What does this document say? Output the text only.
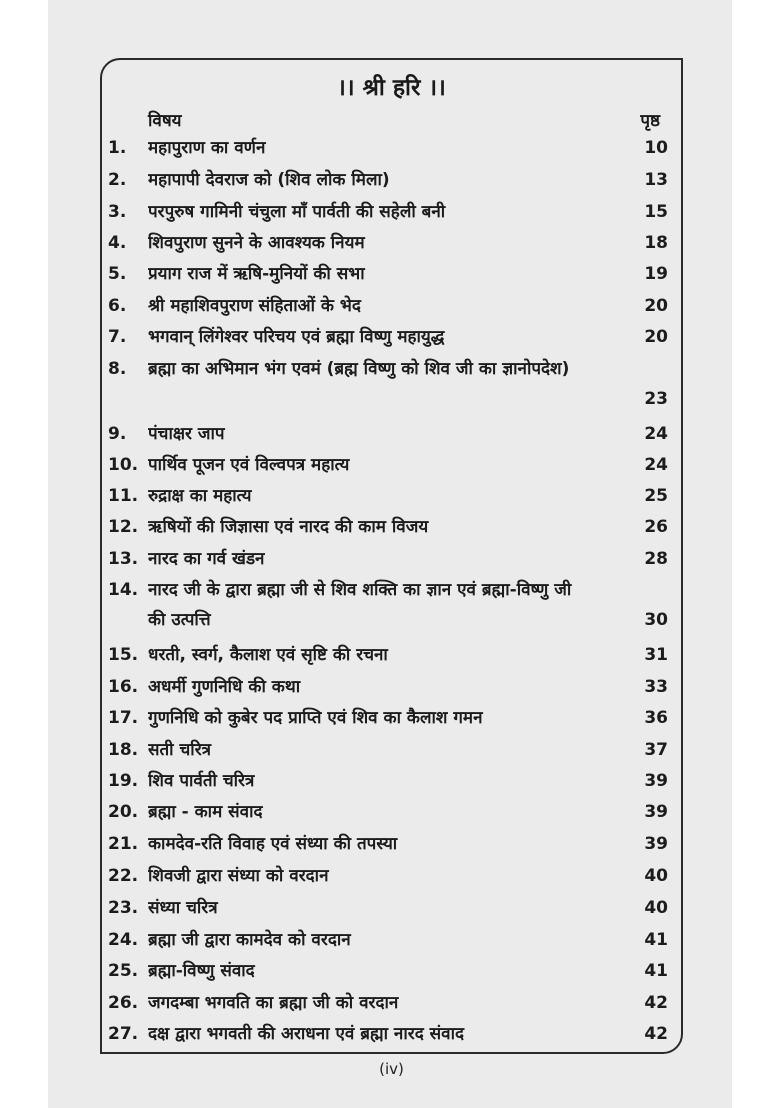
।। श्री हरि ।।
विषय	पृष्ठ
1.	महापुराण का वर्णन	10
2.	महापापी देवराज को (शिव लोक मिला)	13
3.	परपुरुष गामिनी चंचुला माँ पार्वती की सहेली बनी	15
4.	शिवपुराण सुनने के आवश्यक नियम	18
5.	प्रयाग राज में ऋषि-मुनियों की सभा	19
6.	श्री महाशिवपुराण संहिताओं के भेद	20
7.	भगवान् लिंगेश्वर परिचय एवं ब्रह्मा विष्णु महायुद्ध	20
8.	ब्रह्मा का अभिमान भंग एवमं (ब्रह्म विष्णु को शिव जी का ज्ञानोपदेश)
23
9.	पंचाक्षर जाप	24
10. पार्थिव पूजन एवं विल्वपत्र महात्य	24
11. रुद्राक्ष का महात्य	25
12. ऋषियों की जिज्ञासा एवं नारद की काम विजय	26
13. नारद का गर्व खंडन	28
14. नारद जी के द्वारा ब्रह्मा जी से शिव शक्ति का ज्ञान एवं ब्रह्मा-विष्णु जी
की उत्पत्ति	30
15. धरती, स्वर्ग, कैलाश एवं सृष्टि की रचना	31
16. अधर्मी गुणनिधि की कथा	33
17. गुणनिधि को कुबेर पद प्राप्ति एवं शिव का कैलाश गमन	36
18. सती चरित्र	37
19. शिव पार्वती चरित्र	39
20. ब्रह्मा - काम संवाद	39
21. कामदेव-रति विवाह एवं संध्या की तपस्या	39
22. शिवजी द्वारा संध्या को वरदान	40
23. संध्या चरित्र	40
24. ब्रह्मा जी द्वारा कामदेव को वरदान	41
25. ब्रह्मा-विष्णु संवाद	41
26. जगदम्बा भगवति का ब्रह्मा जी को वरदान	42
27. दक्ष द्वारा भगवती की अराधना एवं ब्रह्मा नारद संवाद	42
(iv)
